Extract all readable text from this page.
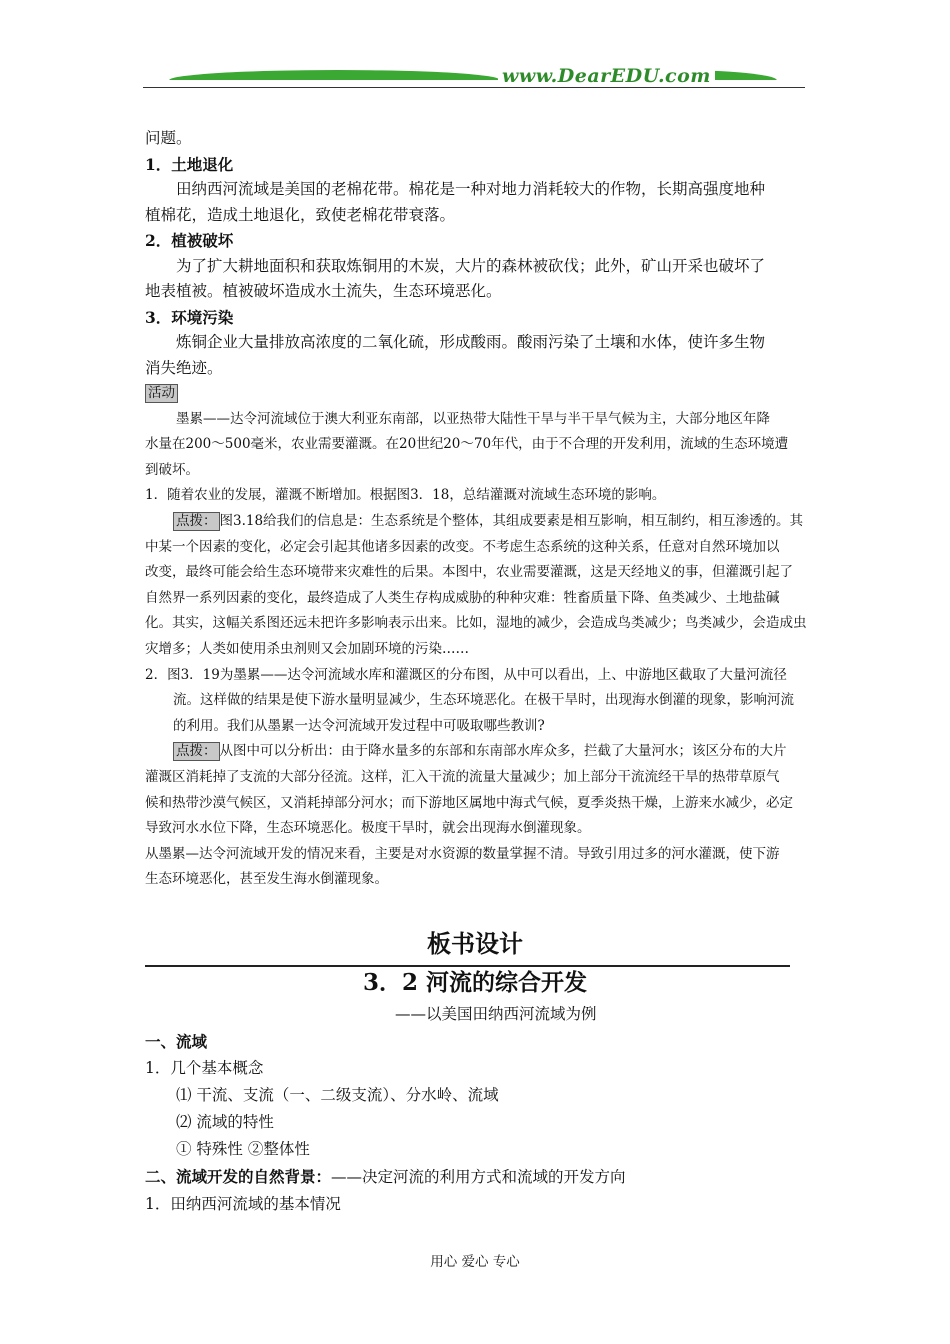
www.DearEDU.com
问题。
1．土地退化
田纳西河流域是美国的老棉花带。棉花是一种对地力消耗较大的作物，长期高强度地种
植棉花，造成土地退化，致使老棉花带衰落。
2．植被破坏
为了扩大耕地面积和获取炼铜用的木炭，大片的森林被砍伐；此外，矿山开采也破坏了
地表植被。植被破坏造成水土流失，生态环境恶化。
3．环境污染
炼铜企业大量排放高浓度的二氧化硫，形成酸雨。酸雨污染了土壤和水体，使许多生物
消失绝迹。
活动
墨累——达令河流域位于澳大利亚东南部，以亚热带大陆性干旱与半干旱气候为主，大部分地区年降
水量在200～500毫米，农业需要灌溉。在20世纪20～70年代，由于不合理的开发利用，流域的生态环境遭
到破坏。
1．随着农业的发展，灌溉不断增加。根据图3．18，总结灌溉对流域生态环境的影响。
点拨： 图3.18给我们的信息是：生态系统是个整体，其组成要素是相互影响，相互制约，相互渗透的。其
中某一个因素的变化，必定会引起其他诸多因素的改变。不考虑生态系统的这种关系，任意对自然环境加以
改变，最终可能会给生态环境带来灾难性的后果。本图中，农业需要灌溉，这是天经地义的事，但灌溉引起了
自然界一系列因素的变化，最终造成了人类生存构成威胁的种种灾难：牲畜质量下降、鱼类减少、土地盐碱
化。其实，这幅关系图还远未把许多影响表示出来。比如，湿地的减少，会造成鸟类减少；鸟类减少，会造成虫
灾增多；人类如使用杀虫剂则又会加剧环境的污染……
2．图3．19为墨累——达令河流域水库和灌溉区的分布图，从中可以看出，上、中游地区截取了大量河流径
流。这样做的结果是使下游水量明显减少，生态环境恶化。在极干旱时，出现海水倒灌的现象，影响河流
的利用。我们从墨累一达令河流域开发过程中可吸取哪些教训?
点拨： 从图中可以分析出：由于降水量多的东部和东南部水库众多，拦截了大量河水；该区分布的大片
灌溉区消耗掉了支流的大部分径流。这样，汇入干流的流量大量减少；加上部分干流流经干旱的热带草原气
候和热带沙漠气候区，又消耗掉部分河水；而下游地区属地中海式气候，夏季炎热干燥，上游来水减少，必定
导致河水水位下降，生态环境恶化。极度干旱时，就会出现海水倒灌现象。
从墨累—达令河流域开发的情况来看，主要是对水资源的数量掌握不清。导致引用过多的河水灌溉，使下游
生态环境恶化，甚至发生海水倒灌现象。
板书设计
3．2 河流的综合开发
——以美国田纳西河流域为例
一、流域
1．几个基本概念
⑴ 干流、支流（一、二级支流）、分水岭、流域
⑵ 流域的特性
① 特殊性 ②整体性
二、流域开发的自然背景：——决定河流的利用方式和流域的开发方向
1．田纳西河流域的基本情况
用心 爱心 专心
